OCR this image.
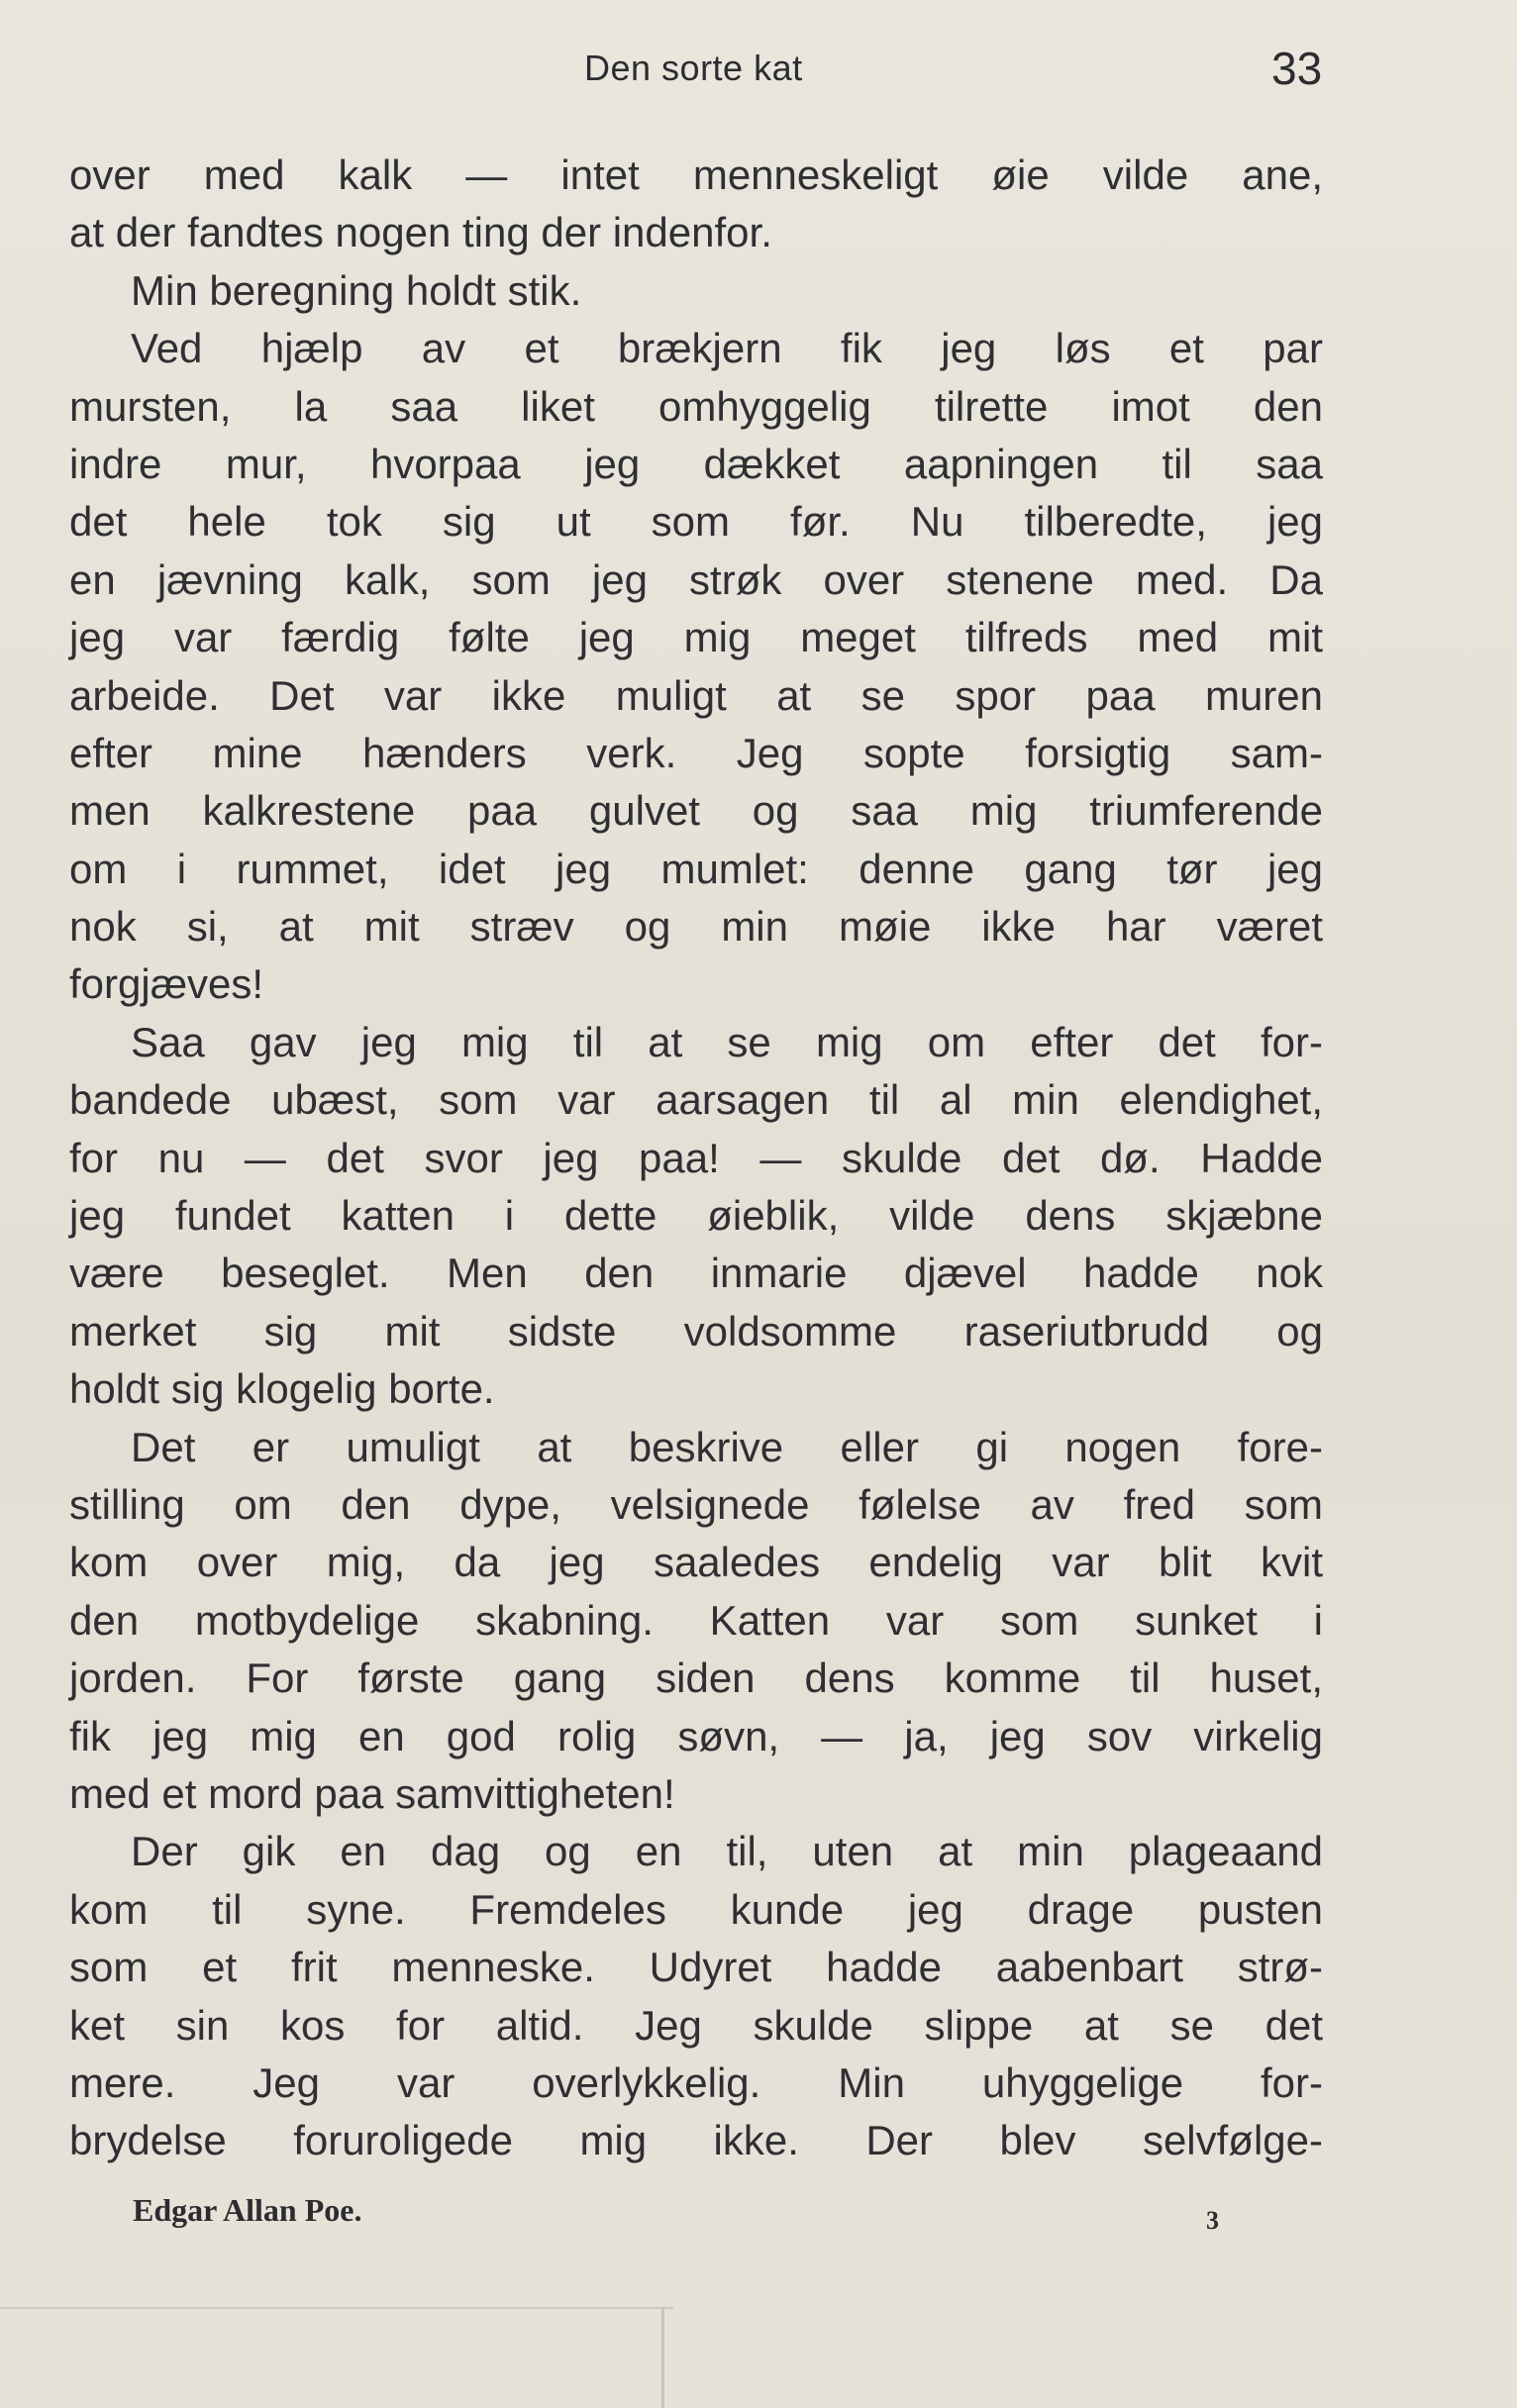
Den sorte kat	33
over med kalk — intet menneskeligt øie vilde ane,
at der fandtes nogen ting der indenfor.
Min beregning holdt stik.
Ved hjælp av et brækjern fik jeg løs et par
mursten, la saa liket omhyggelig tilrette imot den
indre mur, hvorpaa jeg dækket aapningen til saa
det hele tok sig ut som før. Nu tilberedte, jeg
en jævning kalk, som jeg strøk over stenene med. Da
jeg var færdig følte jeg mig meget tilfreds med mit
arbeide. Det var ikke muligt at se spor paa muren
efter mine hænders verk. Jeg sopte forsigtig sam-
men kalkrestene paa gulvet og saa mig triumferende
om i rummet, idet jeg mumlet: denne gang tør jeg
nok si, at mit stræv og min møie ikke har været
forgjæves!
Saa gav jeg mig til at se mig om efter det for-
bandede ubæst, som var aarsagen til al min elendighet,
for nu — det svor jeg paa! — skulde det dø. Hadde
jeg fundet katten i dette øieblik, vilde dens skjæbne
være beseglet. Men den inmarie djævel hadde nok
merket sig mit sidste voldsomme raseriutbrudd og
holdt sig klogelig borte.
Det er umuligt at beskrive eller gi nogen fore-
stilling om den dype, velsignede følelse av fred som
kom over mig, da jeg saaledes endelig var blit kvit
den motbydelige skabning. Katten var som sunket i
jorden. For første gang siden dens komme til huset,
fik jeg mig en god rolig søvn, — ja, jeg sov virkelig
med et mord paa samvittigheten!
Der gik en dag og en til, uten at min plageaand
kom til syne. Fremdeles kunde jeg drage pusten
som et frit menneske. Udyret hadde aabenbart strø-
ket sin kos for altid. Jeg skulde slippe at se det
mere. Jeg var overlykkelig. Min uhyggelige for-
brydelse foruroligede mig ikke. Der blev selvfølge-
Edgar Allan Poe.	3
